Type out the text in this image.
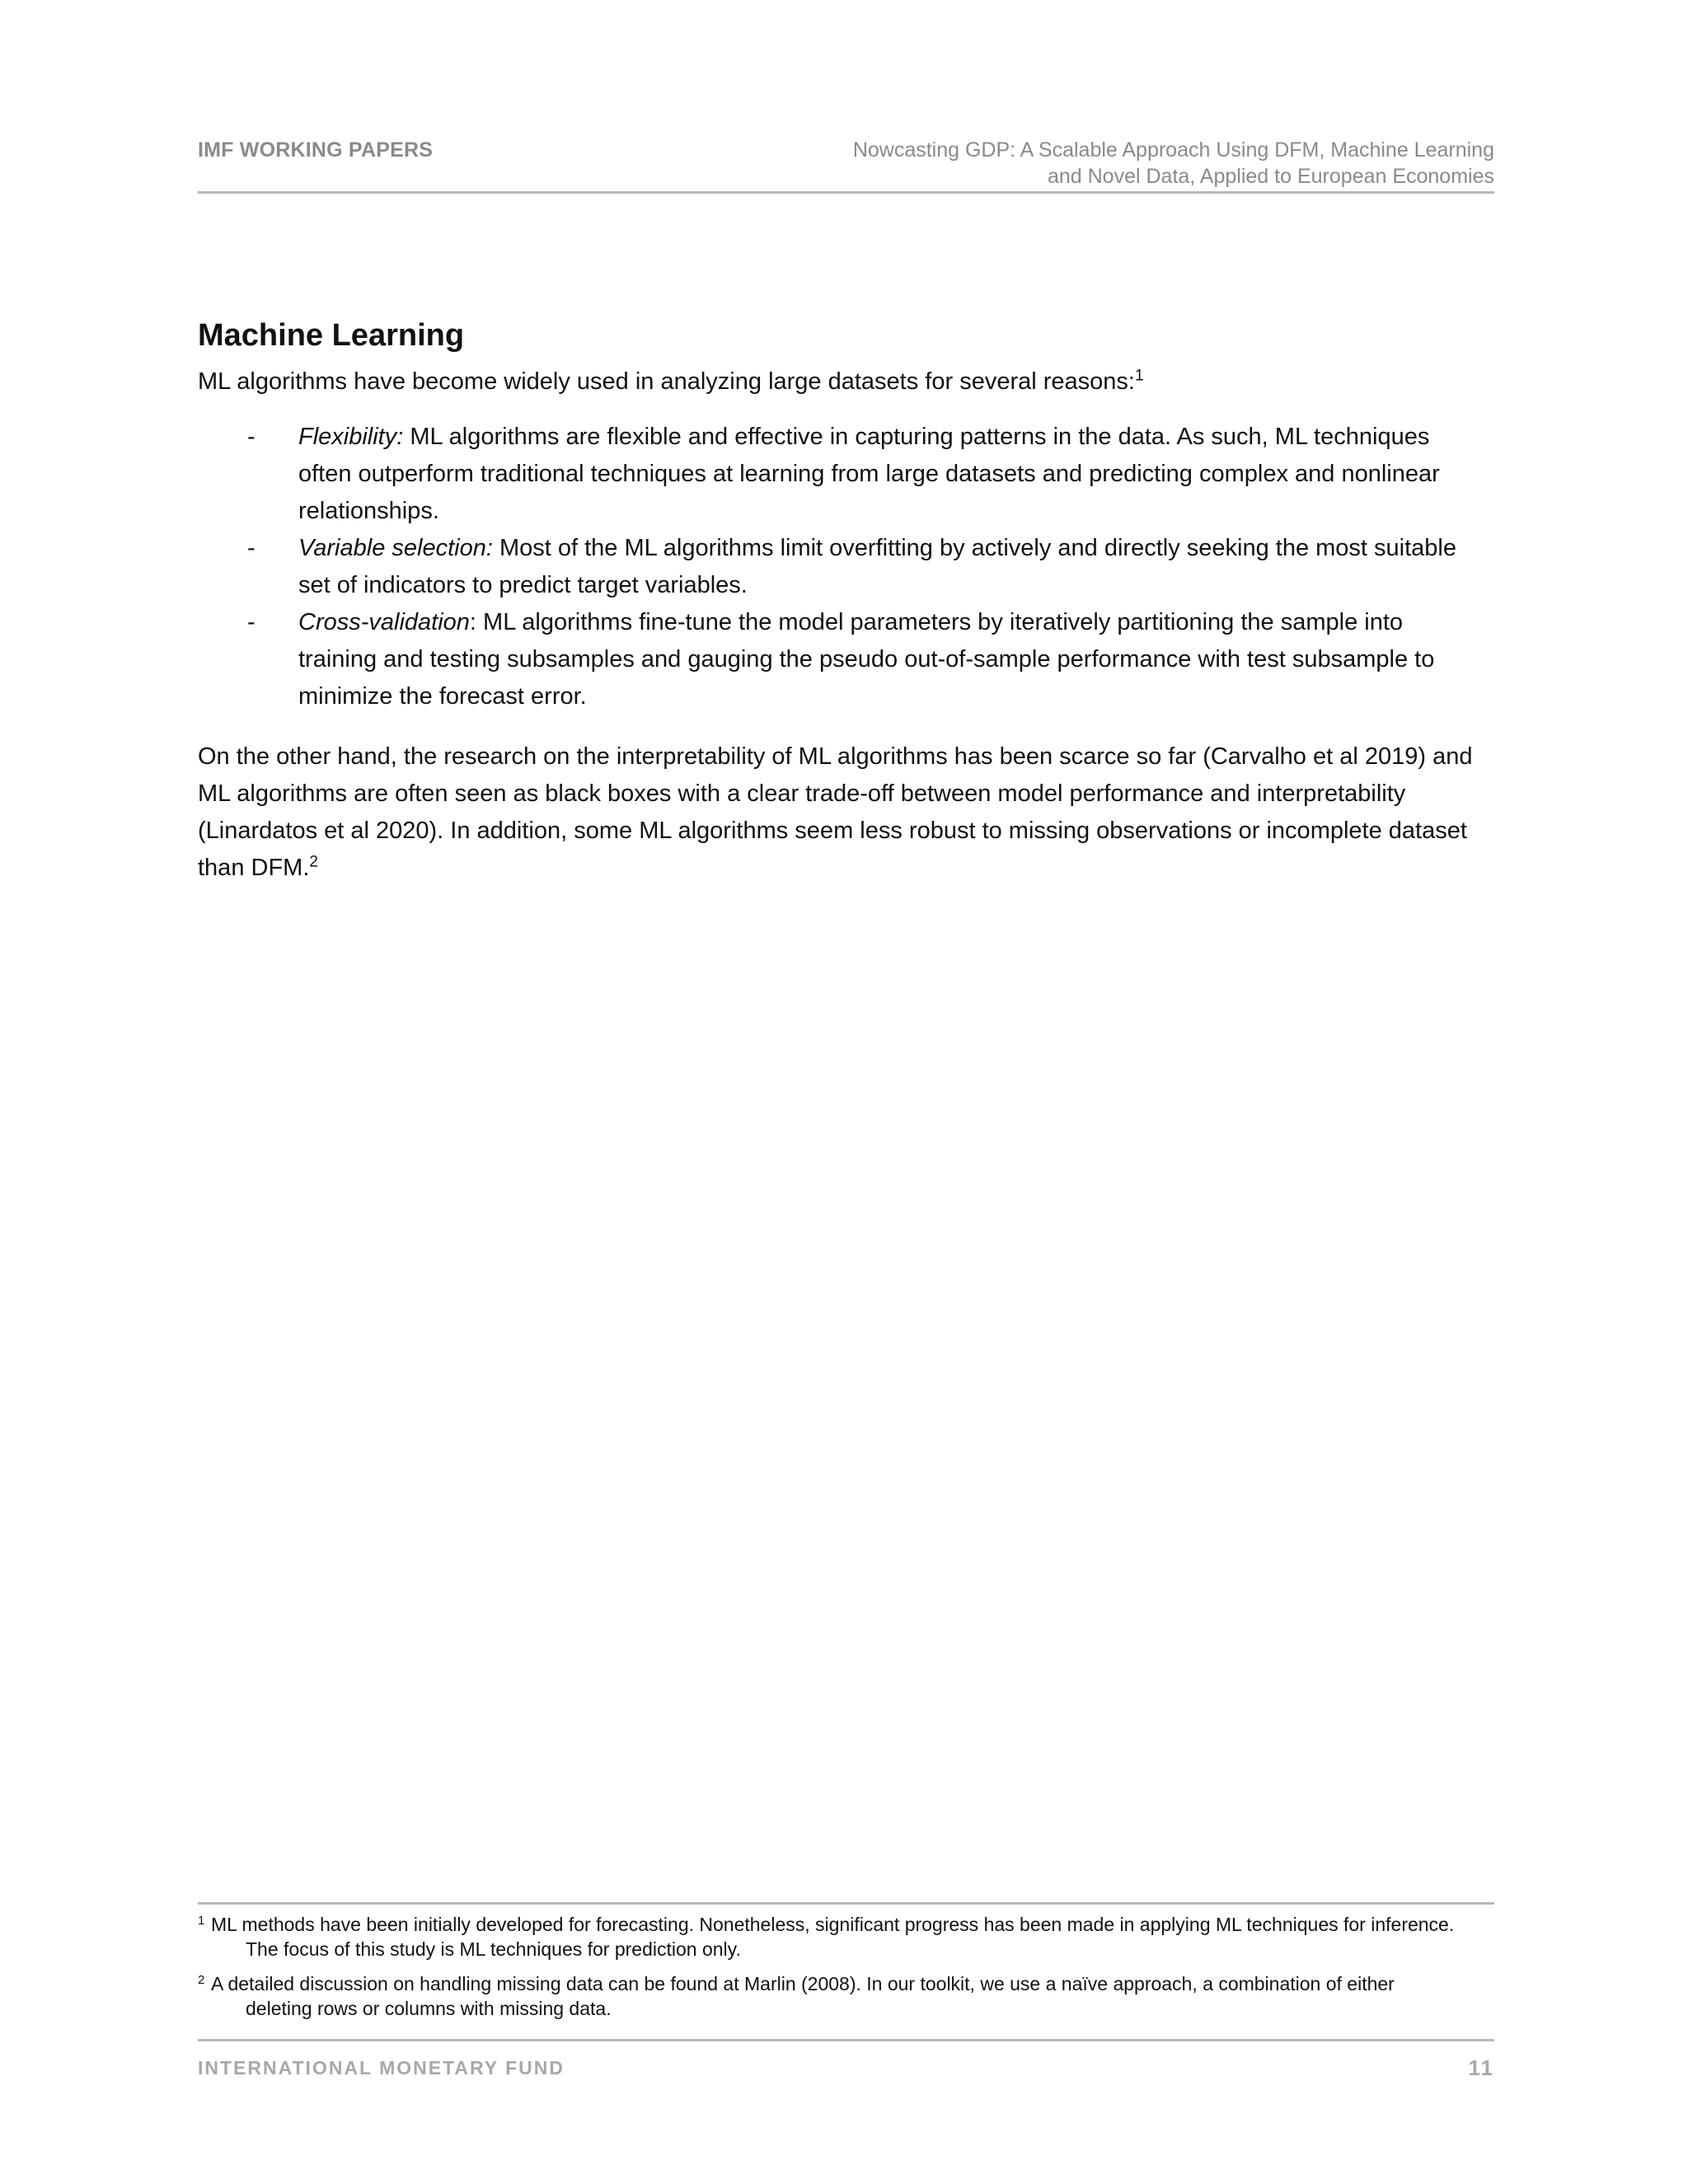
IMF WORKING PAPERS	Nowcasting GDP: A Scalable Approach Using DFM, Machine Learning
and Novel Data, Applied to European Economies
Machine Learning

ML algorithms have become widely used in analyzing large datasets for several reasons:$^1$

- Flexibility: ML algorithms are flexible and effective in capturing patterns in the data. As such, ML techniques often outperform traditional techniques at learning from large datasets and predicting complex and nonlinear relationships.
- Variable selection: Most of the ML algorithms limit overfitting by actively and directly seeking the most suitable set of indicators to predict target variables.
- Cross-validation: ML algorithms fine-tune the model parameters by iteratively partitioning the sample into training and testing subsamples and gauging the pseudo out-of-sample performance with test subsample to minimize the forecast error.

On the other hand, the research on the interpretability of ML algorithms has been scarce so far (Carvalho et al 2019) and ML algorithms are often seen as black boxes with a clear trade-off between model performance and interpretability (Linardatos et al 2020). In addition, some ML algorithms seem less robust to missing observations or incomplete dataset than DFM.$^2$

1 ML methods have been initially developed for forecasting. Nonetheless, significant progress has been made in applying ML techniques for inference. The focus of this study is ML techniques for prediction only.
2 A detailed discussion on handling missing data can be found at Marlin (2008). In our toolkit, we use a naïve approach, a combination of either deleting rows or columns with missing data.
INTERNATIONAL MONETARY FUND	11
